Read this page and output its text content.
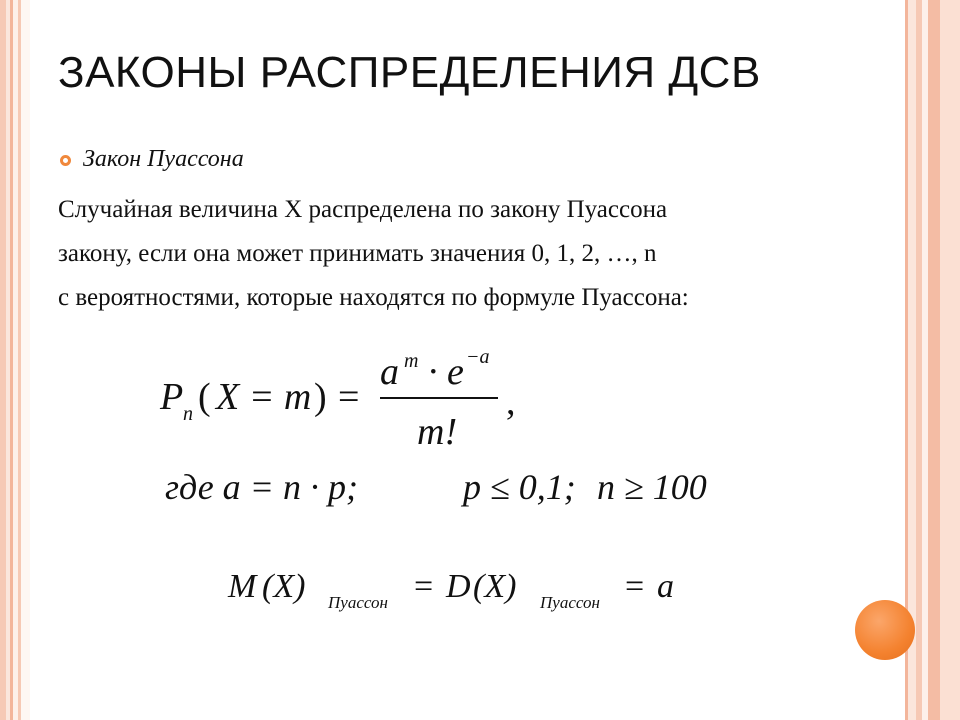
ЗАКОНЫ РАСПРЕДЕЛЕНИЯ ДСВ
Закон Пуассона
Случайная величина X распределена по закону Пуассона
закону, если она может принимать значения 0, 1, 2, …, n
с вероятностями, которые находятся по формуле Пуассона:
P n ( X = m ) =
a m · e −a
m!
,
где a = n · p;	p ≤ 0,1; n ≥ 100
M (X) Пуассон = D (X) Пуассон = a
